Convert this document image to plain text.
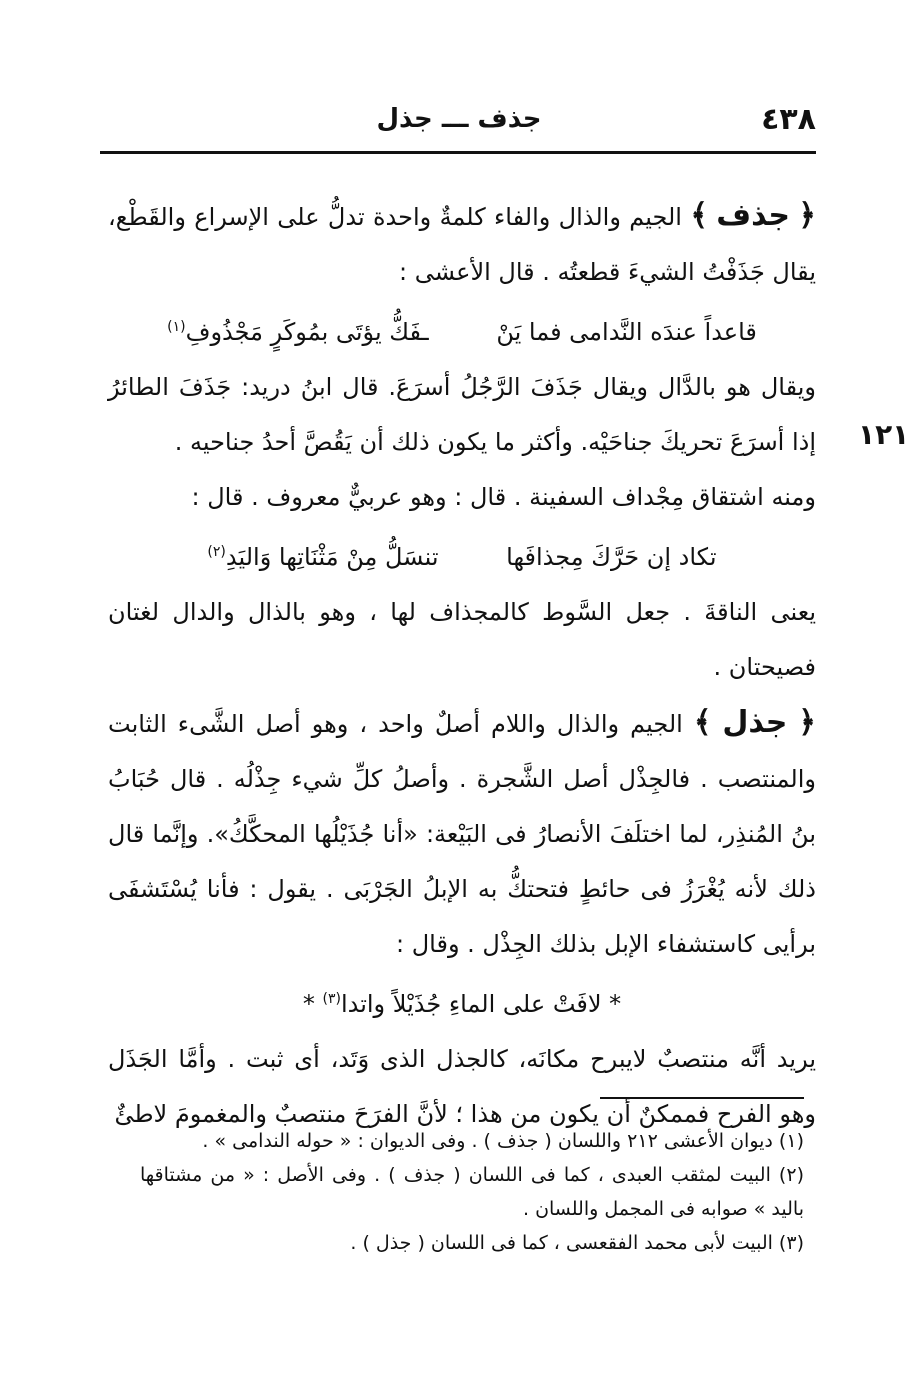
٤٣٨
جذف ـــ جذل
١٢١

﴿ جذف ﴾ الجيم والذال والفاء كلمةٌ واحدة تدلُّ على الإسراع والقَطْع، يقال جَذَفْتُ الشيءَ قطعتُه . قال الأعشى :

قاعداً عندَه النَّدامى فما يَنْ ـفَكُّ يؤتَى بمُوكَرٍ مَجْذُوفِ$^{(١)}$

ويقال هو بالدَّال ويقال جَذَفَ الرَّجُلُ أسرَعَ. قال ابنُ دريد: جَذَفَ الطائرُ إذا أسرَعَ تحريكَ جناحَيْه. وأكثر ما يكون ذلك أن يَقُصَّ أحدُ جناحيه .

ومنه اشتقاق مِجْداف السفينة . قال : وهو عربيٌّ معروف . قال :

تكاد إن حَرَّكَ مِجذافَها تنسَلُّ مِنْ مَثْنَاتِها وَاليَدِ$^{(٢)}$

يعنى الناقةَ . جعل السَّوط كالمجذاف لها ، وهو بالذال والدال لغتان فصيحتان .

﴿ جذل ﴾ الجيم والذال واللام أصلٌ واحد ، وهو أصل الشَّىء الثابت والمنتصب . فالجِذْل أصل الشَّجرة . وأصلُ كلِّ شيء جِذْلُه . قال حُبَابُ بنُ المُنذِر، لما اختلَفَ الأنصارُ فى البَيْعة: «أنا جُذَيْلُها المحكَّكُ». وإنَّما قال ذلك لأنه يُغْرَزُ فى حائطٍ فتحتكُّ به الإبلُ الجَرْبَى . يقول : فأنا يُسْتَشفَى برأيى كاستشفاء الإبل بذلك الجِذْل . وقال :

* لافَتْ على الماءِ جُذَيْلاً واتدا$^{(٣)}$ *

يريد أنَّه منتصبٌ لايبرح مكانَه، كالجذل الذى وَتَد، أى ثبت . وأمَّا الجَذَل وهو الفرح فممكنٌ أن يكون من هذا ؛ لأنَّ الفرَحَ منتصبٌ والمغمومَ لاطئٌ

(١) ديوان الأعشى ٢١٢ واللسان ( جذف ) . وفى الديوان : « حوله الندامى » .

(٢) البيت لمثقب العبدى ، كما فى اللسان ( جذف ) . وفى الأصل : « من مشتاقها باليد » صوابه فى المجمل واللسان .

(٣) البيت لأبى محمد الفقعسى ، كما فى اللسان ( جذل ) .
